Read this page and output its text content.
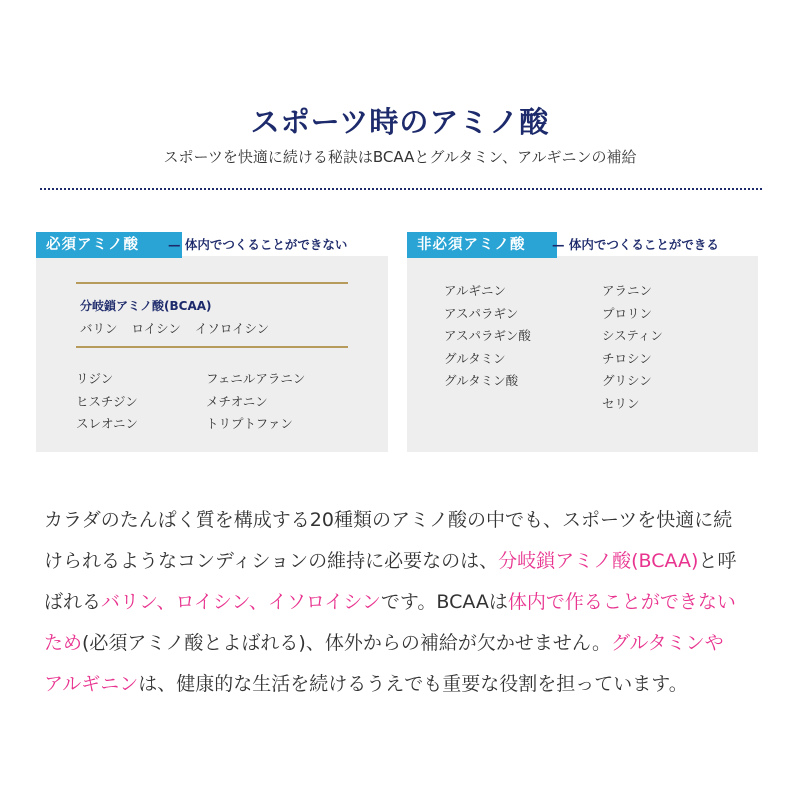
スポーツ時のアミノ酸
スポーツを快適に続ける秘訣はBCAAとグルタミン、アルギニンの補給
必須アミノ酸	— 体内でつくることができない
分岐鎖アミノ酸(BCAA)
バリン ロイシン イソロイシン
リジン
ヒスチジン
スレオニン
フェニルアラニン
メチオニン
トリプトファン
非必須アミノ酸	— 体内でつくることができる
アルギニン
アスパラギン
アスパラギン酸
グルタミン
グルタミン酸
アラニン
プロリン
システィン
チロシン
グリシン
セリン
カラダのたんぱく質を構成する20種類のアミノ酸の中でも、スポーツを快適に続
けられるようなコンディションの維持に必要なのは、分岐鎖アミノ酸(BCAA)と呼
ばれるバリン、ロイシン、イソロイシンです。BCAAは体内で作ることができない
ため(必須アミノ酸とよばれる)、体外からの補給が欠かせません。グルタミンや
アルギニンは、健康的な生活を続けるうえでも重要な役割を担っています。
